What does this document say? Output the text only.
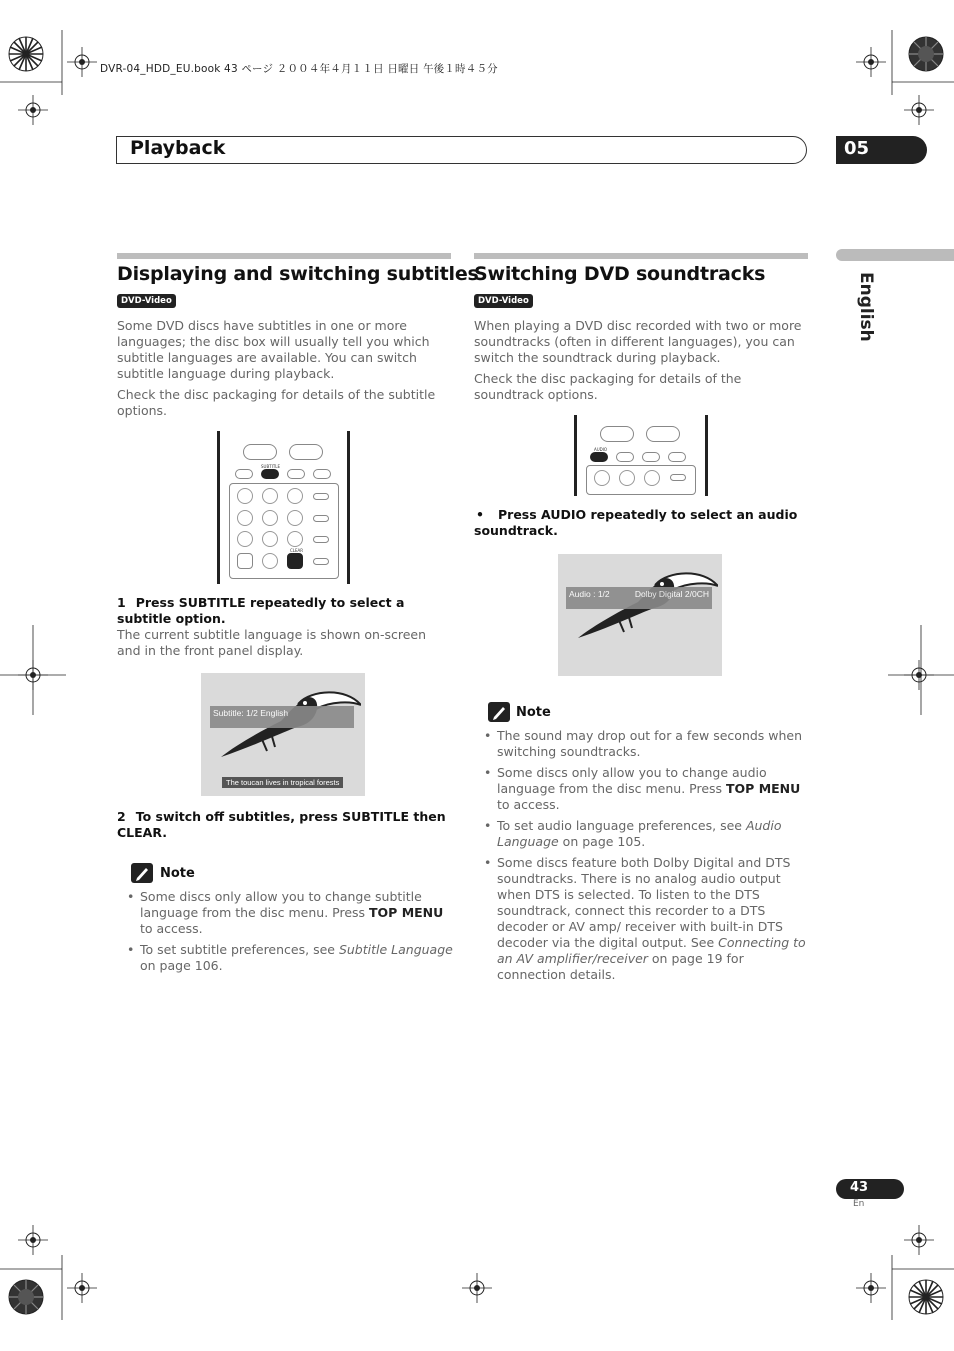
DVR-04_HDD_EU.book 43 ページ ２００４年４月１１日 日曜日 午後１時４５分
Playback	05
English
Displaying and switching subtitles
DVD-Video

Some DVD discs have subtitles in one or more languages; the disc box will usually tell you which subtitle languages are available. You can switch subtitle language during playback.

Check the disc packaging for details of the subtitle options.

SUBTITLE
CLEAR
1 Press SUBTITLE repeatedly to select a subtitle option.

The current subtitle language is shown on-screen and in the front panel display.

Subtitle: 1/2 English
The toucan lives in tropical forests
2 To switch off subtitles, press SUBTITLE then CLEAR.
Note
• Some discs only allow you to change subtitle language from the disc menu. Press TOP MENU to access.
• To set subtitle preferences, see Subtitle Language on page 106.
Switching DVD soundtracks
DVD-Video

When playing a DVD disc recorded with two or more soundtracks (often in different languages), you can switch the soundtrack during playback.

Check the disc packaging for details of the soundtrack options.

AUDIO
• Press AUDIO repeatedly to select an audio soundtrack.
Audio : 1/2	Dolby Digital 2/0CH
Note
• The sound may drop out for a few seconds when switching soundtracks.
• Some discs only allow you to change audio language from the disc menu. Press TOP MENU to access.
• To set audio language preferences, see Audio Language on page 105.
• Some discs feature both Dolby Digital and DTS soundtracks. There is no analog audio output when DTS is selected. To listen to the DTS soundtrack, connect this recorder to a DTS decoder or AV amp/ receiver with built-in DTS decoder via the digital output. See Connecting to an AV amplifier/receiver on page 19 for connection details.
43
En
